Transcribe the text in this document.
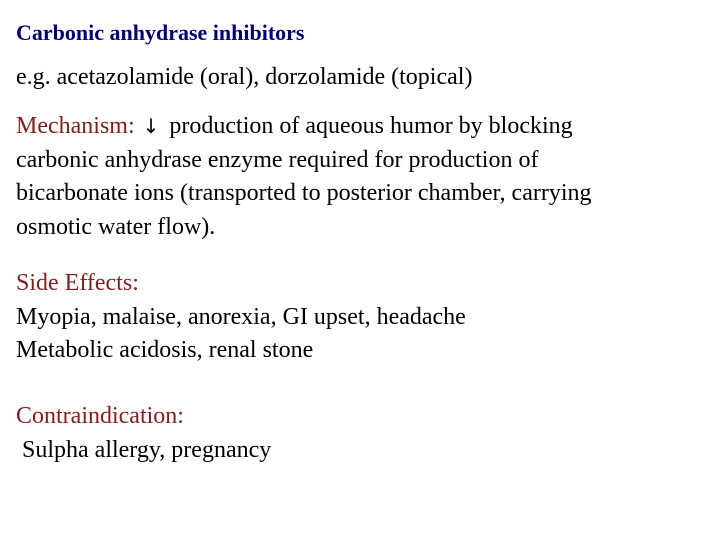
Carbonic anhydrase inhibitors
e.g. acetazolamide (oral), dorzolamide (topical)
Mechanism: ↓ production of aqueous humor by blocking
carbonic anhydrase enzyme required for production of
bicarbonate ions (transported to posterior chamber, carrying
osmotic water flow).
Side Effects:
Myopia, malaise, anorexia, GI upset, headache
Metabolic acidosis, renal stone
Contraindication:
Sulpha allergy, pregnancy
